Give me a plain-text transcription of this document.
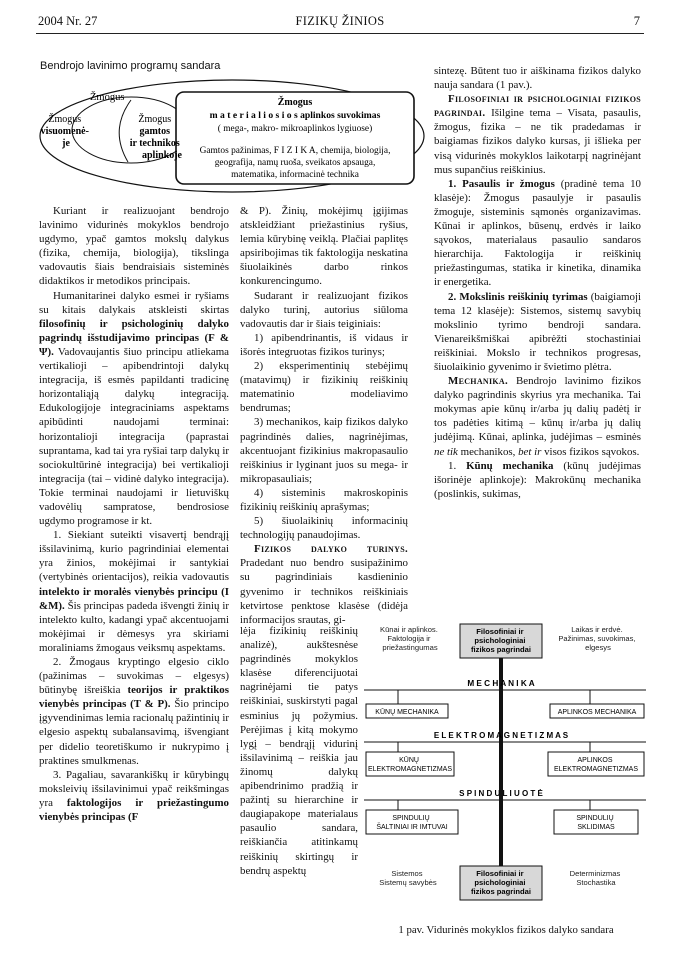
2004 Nr. 27	FIZIKŲ ŽINIOS	7
Bendrojo lavinimo programų sandara
Žmogus
Žmogus visuomenė- je
Žmogus gamtos ir technikos aplinkoje
Žmogus
m a t e r i a l i o s i o s aplinkos suvokimas
( mega-, makro- mikroaplinkos lygiuose)
Gamtos pažinimas, F I Z I K A, chemija, biologija,
geografija, namų ruoša, sveikatos apsauga,
matematika, informacinė technika

Kuriant ir realizuojant bendrojo lavinimo vidurinės mokyklos bendrojo ugdymo, ypač gamtos mokslų dalykus (fizika, chemija, biologija), tikslinga vadovautis šiais bendraisiais sisteminės didaktikos ir metodikos principais.

Humanitarinei dalyko esmei ir ryšiams su kitais dalykais atskleisti skirtas filosofinių ir psichologinių dalyko pagrindų išstudijavimo principas (F & Ψ). Vadovaujantis šiuo principu atliekama vertikalioji – apibendrintoji dalykų integracija, iš esmės papildanti tradicinę horizontaliąją dalykų integraciją. Edukologijoje integraciniams aspektams apibūdinti naudojami terminai: horizontalioji integracija (paprastai suprantama, kad tai yra ryšiai tarp dalykų ir sociokultūrinė integracija) bei vertikalioji integracija (tai – vidinė dalyko integracija). Tokie terminai naudojami ir lietuviškų vadovėlių sampratose, bendrosiose ugdymo programose ir kt.

1. Siekiant suteikti visavertį bendrąjį išsilavinimą, kurio pagrindiniai elementai yra žinios, mokėjimai ir santykiai (vertybinės orientacijos), reikia vadovautis intelekto ir moralės vienybės principu (I &M). Šis principas padeda išvengti žinių ir intelekto kulto, kadangi ypač akcentuojami mokėjimai ir dėmesys yra skiriami moraliniams žmogaus veiksmų aspektams.

2. Žmogaus kryptingo elgesio ciklo (pažinimas – suvokimas – elgesys) būtinybę išreiškia teorijos ir praktikos vienybės principas (T & P). Šio principo įgyvendinimas lemia racionalų pažintinių ir elgesio aspektų subalansavimą, išvengiant per didelio teoretiškumo ir nukrypimo į praktines smulkmenas.

3. Pagaliau, savarankiškų ir kūrybingų moksleivių išsilavinimui ypač reikšmingas yra faktologijos ir priežastingumo vienybės principas (F

& P). Žinių, mokėjimų įgijimas atskleidžiant priežastinius ryšius, lemia kūrybinę veiklą. Plačiai paplitęs apsiribojimas tik faktologija neskatina šiuolaikinės darbo rinkos konkurencingumo.

Sudarant ir realizuojant fizikos dalyko turinį, autorius siūloma vadovautis dar ir šiais teiginiais:

1) apibendrinantis, iš vidaus ir išorės integruotas fizikos turinys;

2) eksperimentinių stebėjimų (matavimų) ir fizikinių reiškinių matematinio modeliavimo bendrumas;

3) mechanikos, kaip fizikos dalyko pagrindinės dalies, nagrinėjimas, akcentuojant fizikinius makropasaulio reiškinius ir lyginant juos su mega- ir mikropasauliais;

4) sisteminis makroskopinis fizikinių reiškinių aprašymas;

5) šiuolaikinių informacinių technologijų panaudojimas.

Fizikos dalyko turinys. Pradedant nuo bendro susipažinimo su pagrindiniais kasdieninio gyvenimo ir technikos reiškiniais ketvirtose penktose klasėse (didėja informacijos srautas, gi-

lėja fizikinių reiškinių analizė), aukštesnėse pagrindinės mokyklos klasėse diferencijuotai nagrinėjami tie patys reiškiniai, suskirstyti pagal esminius jų požymius. Perėjimas į kitą mokymo lygį – bendrąjį vidurinį išsilavinimą – reiškia jau žinomų dalykų apibendrinimo pradžią ir pažintį su hierarchine ir daugiapakope materialaus pasaulio sandara, reiškiančia atitinkamų reiškinių skirtingų ir bendrų aspektų

sintezę. Būtent tuo ir aiškinama fizikos dalyko nauja sandara (1 pav.).

Filosofiniai ir psichologiniai fizikos pagrindai. Išilgine tema – Visata, pasaulis, žmogus, fizika – ne tik pradedamas ir baigiamas fizikos dalyko kursas, ji išlieka per visą vidurinės mokyklos laikotarpį nagrinėjant mus supančius reiškinius.

1. Pasaulis ir žmogus (pradinė tema 10 klasėje): Žmogus pasaulyje ir pasaulis žmoguje, sisteminis sąmonės organizavimas. Kūnai ir aplinkos, būsenų, erdvės ir laiko sąvokos, materialaus pasaulio sandaros hierarchija. Faktologija ir reiškinių priežastingumas, statika ir kinetika, dinamika ir energetika.

2. Mokslinis reiškinių tyrimas (baigiamoji tema 12 klasėje): Sistemos, sistemų savybių mokslinio tyrimo bendroji sandara. Vienareikšmiškai apibrėžti stochastiniai reiškiniai. Mokslo ir technikos progresas, šiuolaikinio gyvenimo ir švietimo plėtra.

Mechanika. Bendrojo lavinimo fizikos dalyko pagrindinis skyrius yra mechanika. Tai mokymas apie kūnų ir/arba jų dalių padėtį ir tos padėties kitimą – kūnų ir/arba jų dalių judėjimą. Kūnai, aplinka, judėjimas – esminės ne tik mechanikos, bet ir visos fizikos sąvokos.

1. Kūnų mechanika (kūnų judėjimas išorinėje aplinkoje): Makrokūnų mechanika (poslinkis, sukimas,

Kūnai ir aplinkos. Faktologija ir priežastingumas
Filosofiniai ir psichologiniai fizikos pagrindai
Laikas ir erdvė. Pažinimas, suvokimas, elgesys
M E C H A N I K A
KŪNŲ MECHANIKA	APLINKOS MECHANIKA
E L E K T R O M A G N E T I Z M A S
KŪNŲ ELEKTROMAGNETIZMAS
APLINKOS ELEKTROMAGNETIZMAS
S P I N D U L I U O T Ė
SPINDULIŲ ŠALTINIAI IR IMTUVAI
SPINDULIŲ SKLIDIMAS
Sistemos Sistemų savybės
Filosofiniai ir psichologiniai fizikos pagrindai
Determinizmas Stochastika
1 pav. Vidurinės mokyklos fizikos dalyko sandara
